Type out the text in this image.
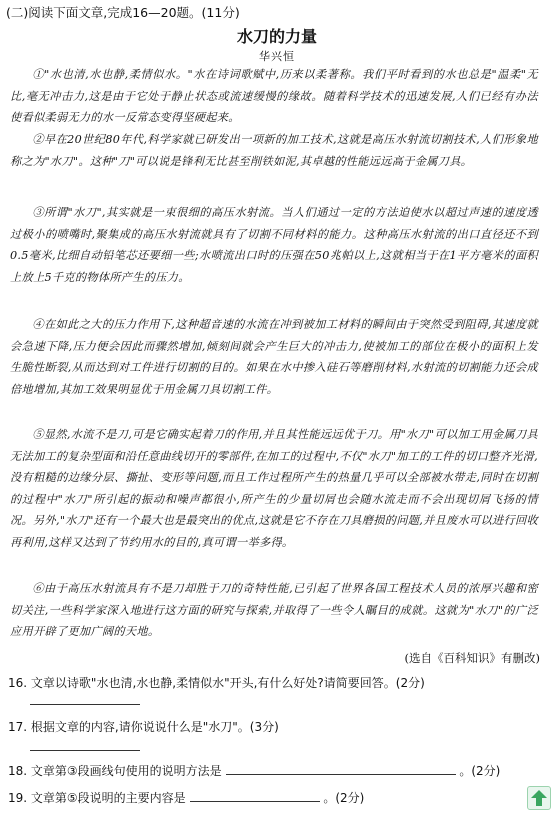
(二)阅读下面文章,完成16—20题。(11分)
水刀的力量
华兴恒
①"水也清,水也静,柔情似水。"水在诗词歌赋中,历来以柔著称。我们平时看到的水也总是"温柔"无比,毫无冲击力,这是由于它处于静止状态或流速缓慢的缘故。随着科学技术的迅速发展,人们已经有办法使看似柔弱无力的水一反常态变得坚硬起来。
②早在20世纪80年代,科学家就已研发出一项新的加工技术,这就是高压水射流切割技术,人们形象地称之为"水刀"。这种"刀"可以说是锋利无比甚至削铁如泥,其卓越的性能远远高于金属刀具。
③所谓"水刀",其实就是一束很细的高压水射流。当人们通过一定的方法迫使水以超过声速的速度透过极小的喷嘴时,聚集成的高压水射流就具有了切割不同材料的能力。这种高压水射流的出口直径还不到0.5毫米,比细自动铅笔芯还要细一些;水喷流出口时的压强在50兆帕以上,这就相当于在1平方毫米的面积上放上5千克的物体所产生的压力。
④在如此之大的压力作用下,这种超音速的水流在冲到被加工材料的瞬间由于突然受到阻碍,其速度就会急速下降,压力便会因此而骤然增加,倾刻间就会产生巨大的冲击力,使被加工的部位在极小的面积上发生脆性断裂,从而达到对工件进行切割的目的。如果在水中掺入硅石等磨削材料,水射流的切割能力还会成倍地增加,其加工效果明显优于用金属刀具切割工件。
⑤显然,水流不是刀,可是它确实起着刀的作用,并且其性能远远优于刀。用"水刀"可以加工用金属刀具无法加工的复杂型面和沿任意曲线切开的零部件,在加工的过程中,不仅"水刀"加工的工件的切口整齐光滑,没有粗糙的边缘分层、撕扯、变形等问题,而且工作过程所产生的热量几乎可以全部被水带走,同时在切割的过程中"水刀"所引起的振动和噪声都很小,所产生的少量切屑也会随水流走而不会出现切屑飞扬的情况。另外,"水刀"还有一个最大也是最突出的优点,这就是它不存在刀具磨损的问题,并且废水可以进行回收再利用,这样又达到了节约用水的目的,真可谓一举多得。
⑥由于高压水射流具有不是刀却胜于刀的奇特性能,已引起了世界各国工程技术人员的浓厚兴趣和密切关注,一些科学家深入地进行这方面的研究与探索,并取得了一些令人瞩目的成就。这就为"水刀"的广泛应用开辟了更加广阔的天地。
(选自《百科知识》有删改)
16. 文章以诗歌"水也清,水也静,柔情似水"开头,有什么好处?请简要回答。(2分)
17. 根据文章的内容,请你说说什么是"水刀"。(3分)
18. 文章第③段画线句使用的说明方法是	。(2分)
19. 文章第⑤段说明的主要内容是	。(2分)
